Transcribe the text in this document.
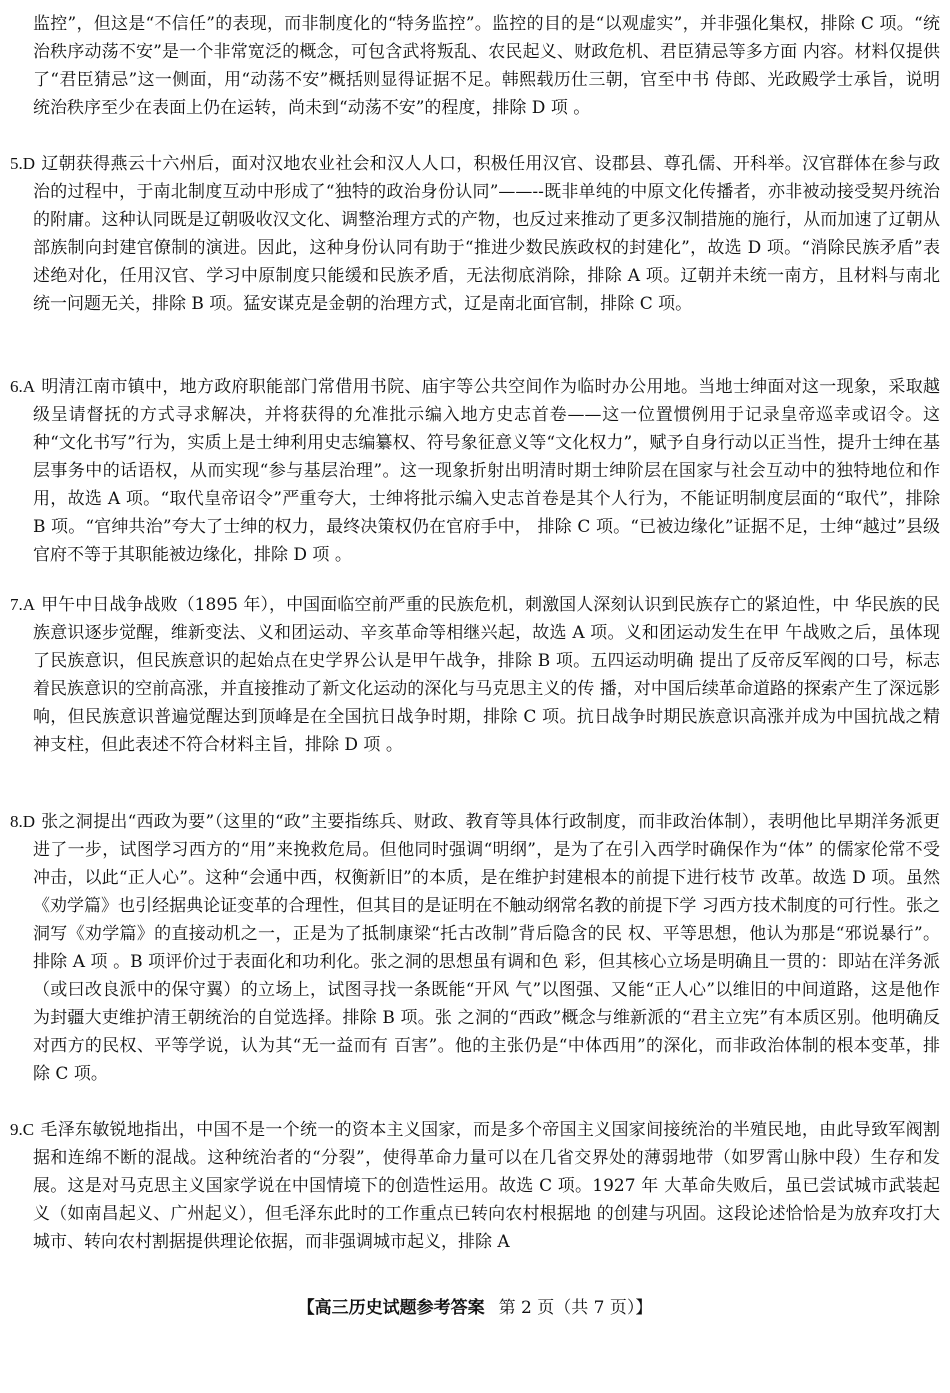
监控”，但这是“不信任”的表现，而非制度化的“特务监控”。监控的目的是“以观虚实”，并非强化集权，排除 C 项。“统治秩序动荡不安”是一个非常宽泛的概念，可包含武将叛乱、农民起义、财政危机、君臣猜忌等多方面 内容。材料仅提供了“君臣猜忌”这一侧面，用“动荡不安”概括则显得证据不足。韩熙载历仕三朝，官至中书 侍郎、光政殿学士承旨，说明统治秩序至少在表面上仍在运转，尚未到“动荡不安”的程度，排除 D 项 。

5.D 辽朝获得燕云十六州后，面对汉地农业社会和汉人人口，积极任用汉官、设郡县、尊孔儒、开科举。汉官群体在参与政治的过程中，于南北制度互动中形成了“独特的政治身份认同”——--既非单纯的中原文化传播者，亦非被动接受契丹统治的附庸。这种认同既是辽朝吸收汉文化、调整治理方式的产物，也反过来推动了更多汉制措施的施行，从而加速了辽朝从部族制向封建官僚制的演进。因此，这种身份认同有助于“推进少数民族政权的封建化”，故选 D 项。“消除民族矛盾”表述绝对化，任用汉官、学习中原制度只能缓和民族矛盾，无法彻底消除，排除 A 项。辽朝并未统一南方，且材料与南北统一问题无关，排除 B 项。猛安谋克是金朝的治理方式，辽是南北面官制，排除 C 项。
6.A 明清江南市镇中，地方政府职能部门常借用书院、庙宇等公共空间作为临时办公用地。当地士绅面对这一现象，采取越级呈请督抚的方式寻求解决，并将获得的允准批示编入地方史志首卷——这一位置惯例用于记录皇帝巡幸或诏令。这种“文化书写”行为，实质上是士绅利用史志编纂权、符号象征意义等“文化权力”，赋予自身行动以正当性，提升士绅在基层事务中的话语权，从而实现“参与基层治理”。这一现象折射出明清时期士绅阶层在国家与社会互动中的独特地位和作用，故选 A 项。“取代皇帝诏令”严重夸大，士绅将批示编入史志首卷是其个人行为，不能证明制度层面的“取代”，排除 B 项。“官绅共治”夸大了士绅的权力，最终决策权仍在官府手中， 排除 C 项。“已被边缘化”证据不足，士绅“越过”县级官府不等于其职能被边缘化，排除 D 项 。
7.A 甲午中日战争战败（1895 年），中国面临空前严重的民族危机，刺激国人深刻认识到民族存亡的紧迫性，中 华民族的民族意识逐步觉醒，维新变法、义和团运动、辛亥革命等相继兴起，故选 A 项。义和团运动发生在甲 午战败之后，虽体现了民族意识，但民族意识的起始点在史学界公认是甲午战争，排除 B 项。五四运动明确 提出了反帝反军阀的口号，标志着民族意识的空前高涨，并直接推动了新文化运动的深化与马克思主义的传 播，对中国后续革命道路的探索产生了深远影响，但民族意识普遍觉醒达到顶峰是在全国抗日战争时期，排除 C 项。抗日战争时期民族意识高涨并成为中国抗战之精神支柱，但此表述不符合材料主旨，排除 D 项 。
8.D 张之洞提出“西政为要”（这里的“政”主要指练兵、财政、教育等具体行政制度，而非政治体制），表明他比早期洋务派更进了一步，试图学习西方的“用”来挽救危局。但他同时强调“明纲”，是为了在引入西学时确保作为“体” 的儒家伦常不受冲击，以此“正人心”。这种“会通中西，权衡新旧”的本质，是在维护封建根本的前提下进行枝节 改革。故选 D 项。虽然《劝学篇》也引经据典论证变革的合理性，但其目的是证明在不触动纲常名教的前提下学 习西方技术制度的可行性。张之洞写《劝学篇》的直接动机之一，正是为了抵制康梁“托古改制”背后隐含的民 权、平等思想，他认为那是“邪说暴行”。排除 A 项 。B 项评价过于表面化和功利化。张之洞的思想虽有调和色 彩，但其核心立场是明确且一贯的：即站在洋务派（或曰改良派中的保守翼）的立场上，试图寻找一条既能“开风 气”以图强、又能“正人心”以维旧的中间道路，这是他作为封疆大吏维护清王朝统治的自觉选择。排除 B 项。张 之洞的“西政”概念与维新派的“君主立宪”有本质区别。他明确反对西方的民权、平等学说，认为其“无一益而有 百害”。他的主张仍是“中体西用”的深化，而非政治体制的根本变革，排除 C 项。
9.C 毛泽东敏锐地指出，中国不是一个统一的资本主义国家，而是多个帝国主义国家间接统治的半殖民地，由此导致军阀割据和连绵不断的混战。这种统治者的“分裂”，使得革命力量可以在几省交界处的薄弱地带（如罗霄山脉中段）生存和发展。这是对马克思主义国家学说在中国情境下的创造性运用。故选 C 项。1927 年 大革命失败后，虽已尝试城市武装起义（如南昌起义、广州起义），但毛泽东此时的工作重点已转向农村根据地 的创建与巩固。这段论述恰恰是为放弃攻打大城市、转向农村割据提供理论依据，而非强调城市起义，排除 A
【高三历史试题参考答案 第 2 页（共 7 页）】
